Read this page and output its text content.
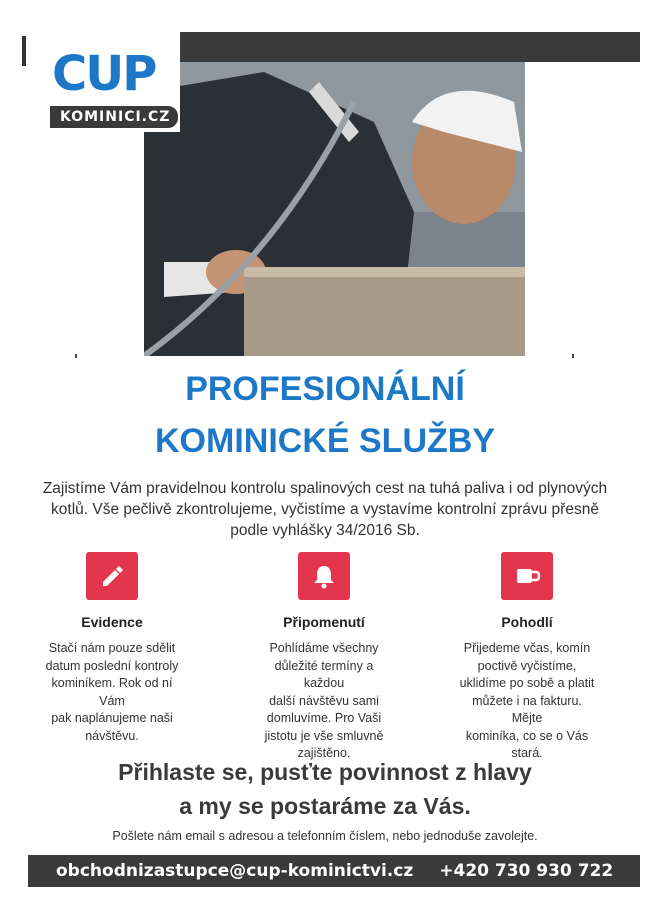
CUP
KOMINICI.CZ
PROFESIONÁLNÍ
KOMINICKÉ SLUŽBY
Zajistíme Vám pravidelnou kontrolu spalinových cest na tuhá paliva i od plynových
kotlů. Vše pečlivě zkontrolujeme, vyčistíme a vystavíme kontrolní zprávu přesně
podle vyhlášky 34/2016 Sb.
Evidence
Stačí nám pouze sdělit
datum poslední kontroly
kominíkem. Rok od ní Vám
pak naplánujeme naši
návštěvu.
Připomenutí
Pohlídáme všechny
důležité termíny a každou
další návštěvu sami
domluvíme. Pro Vaši
jistotu je vše smluvně
zajištěno.
Pohodlí
Přijedeme včas, komín
poctivě vyčistíme,
uklidíme po sobě a platit
můžete i na fakturu. Mějte
kominíka, co se o Vás
stará.
Přihlaste se, pusťte povinnost z hlavy
a my se postaráme za Vás.
Pošlete nám email s adresou a telefonním číslem, nebo jednoduše zavolejte.
obchodnizastupce@cup-kominictvi.cz +420 730 930 722
